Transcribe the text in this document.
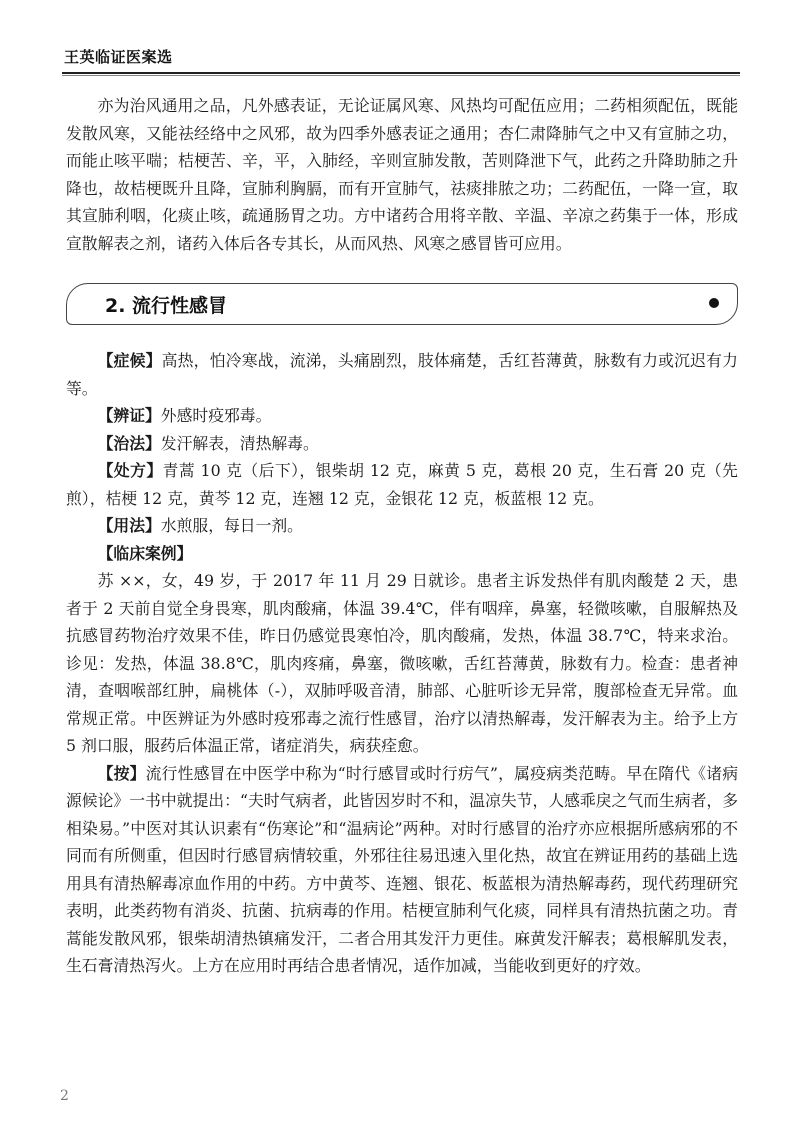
王英临证医案选

亦为治风通用之品，凡外感表证，无论证属风寒、风热均可配伍应用；二药相须配伍，既能发散风寒，又能祛经络中之风邪，故为四季外感表证之通用；杏仁肃降肺气之中又有宣肺之功，而能止咳平喘；桔梗苦、辛，平，入肺经，辛则宣肺发散，苦则降泄下气，此药之升降助肺之升降也，故桔梗既升且降，宣肺利胸膈，而有开宣肺气，祛痰排脓之功；二药配伍，一降一宣，取其宣肺利咽，化痰止咳，疏通肠胃之功。方中诸药合用将辛散、辛温、辛凉之药集于一体，形成宣散解表之剂，诸药入体后各专其长，从而风热、风寒之感冒皆可应用。

2. 流行性感冒

【症候】高热，怕冷寒战，流涕，头痛剧烈，肢体痛楚，舌红苔薄黄，脉数有力或沉迟有力等。

【辨证】外感时疫邪毒。

【治法】发汗解表，清热解毒。

【处方】青蒿 10 克（后下），银柴胡 12 克，麻黄 5 克，葛根 20 克，生石膏 20 克（先煎），桔梗 12 克，黄芩 12 克，连翘 12 克，金银花 12 克，板蓝根 12 克。

【用法】水煎服，每日一剂。

【临床案例】

苏 ××，女，49 岁，于 2017 年 11 月 29 日就诊。患者主诉发热伴有肌肉酸楚 2 天，患者于 2 天前自觉全身畏寒，肌肉酸痛，体温 39.4℃，伴有咽痒，鼻塞，轻微咳嗽，自服解热及抗感冒药物治疗效果不佳，昨日仍感觉畏寒怕冷，肌肉酸痛，发热，体温 38.7℃，特来求治。诊见：发热，体温 38.8℃，肌肉疼痛，鼻塞，微咳嗽，舌红苔薄黄，脉数有力。检查：患者神清，查咽喉部红肿，扁桃体（-），双肺呼吸音清，肺部、心脏听诊无异常，腹部检查无异常。血常规正常。中医辨证为外感时疫邪毒之流行性感冒，治疗以清热解毒，发汗解表为主。给予上方 5 剂口服，服药后体温正常，诸症消失，病获痊愈。

【按】流行性感冒在中医学中称为“时行感冒或时行疠气”，属疫病类范畴。早在隋代《诸病源候论》一书中就提出：“夫时气病者，此皆因岁时不和，温凉失节，人感乖戾之气而生病者，多相染易。”中医对其认识素有“伤寒论”和“温病论”两种。对时行感冒的治疗亦应根据所感病邪的不同而有所侧重，但因时行感冒病情较重，外邪往往易迅速入里化热，故宜在辨证用药的基础上选用具有清热解毒凉血作用的中药。方中黄芩、连翘、银花、板蓝根为清热解毒药，现代药理研究表明，此类药物有消炎、抗菌、抗病毒的作用。桔梗宣肺利气化痰，同样具有清热抗菌之功。青蒿能发散风邪，银柴胡清热镇痛发汗，二者合用其发汗力更佳。麻黄发汗解表；葛根解肌发表，生石膏清热泻火。上方在应用时再结合患者情况，适作加减，当能收到更好的疗效。

2
